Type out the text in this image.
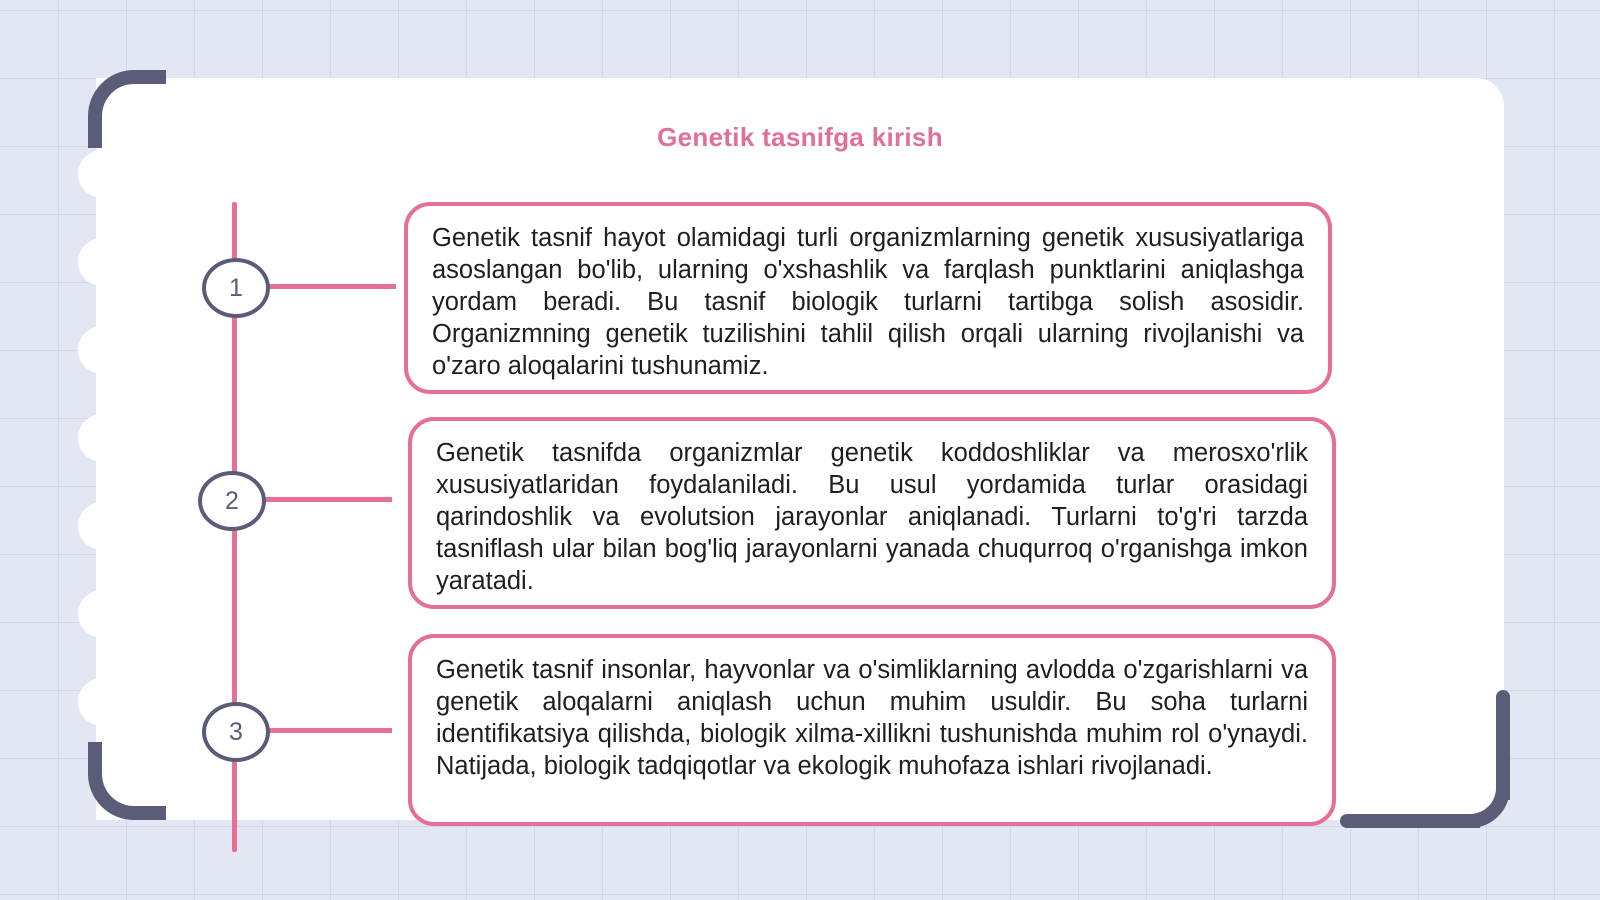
Genetik tasnifga kirish
1
Genetik tasnif hayot olamidagi turli organizmlarning genetik xususiyatlariga asoslangan bo'lib, ularning o'xshashlik va farqlash punktlarini aniqlashga yordam beradi. Bu tasnif biologik turlarni tartibga solish asosidir. Organizmning genetik tuzilishini tahlil qilish orqali ularning rivojlanishi va o'zaro aloqalarini tushunamiz.
2
Genetik tasnifda organizmlar genetik koddoshliklar va merosxo'rlik xususiyatlaridan foydalaniladi. Bu usul yordamida turlar orasidagi qarindoshlik va evolutsion jarayonlar aniqlanadi. Turlarni to'g'ri tarzda tasniflash ular bilan bog'liq jarayonlarni yanada chuqurroq o'rganishga imkon yaratadi.
3
Genetik tasnif insonlar, hayvonlar va o'simliklarning avlodda o'zgarishlarni va genetik aloqalarni aniqlash uchun muhim usuldir. Bu soha turlarni identifikatsiya qilishda, biologik xilma-xillikni tushunishda muhim rol o'ynaydi. Natijada, biologik tadqiqotlar va ekologik muhofaza ishlari rivojlanadi.
